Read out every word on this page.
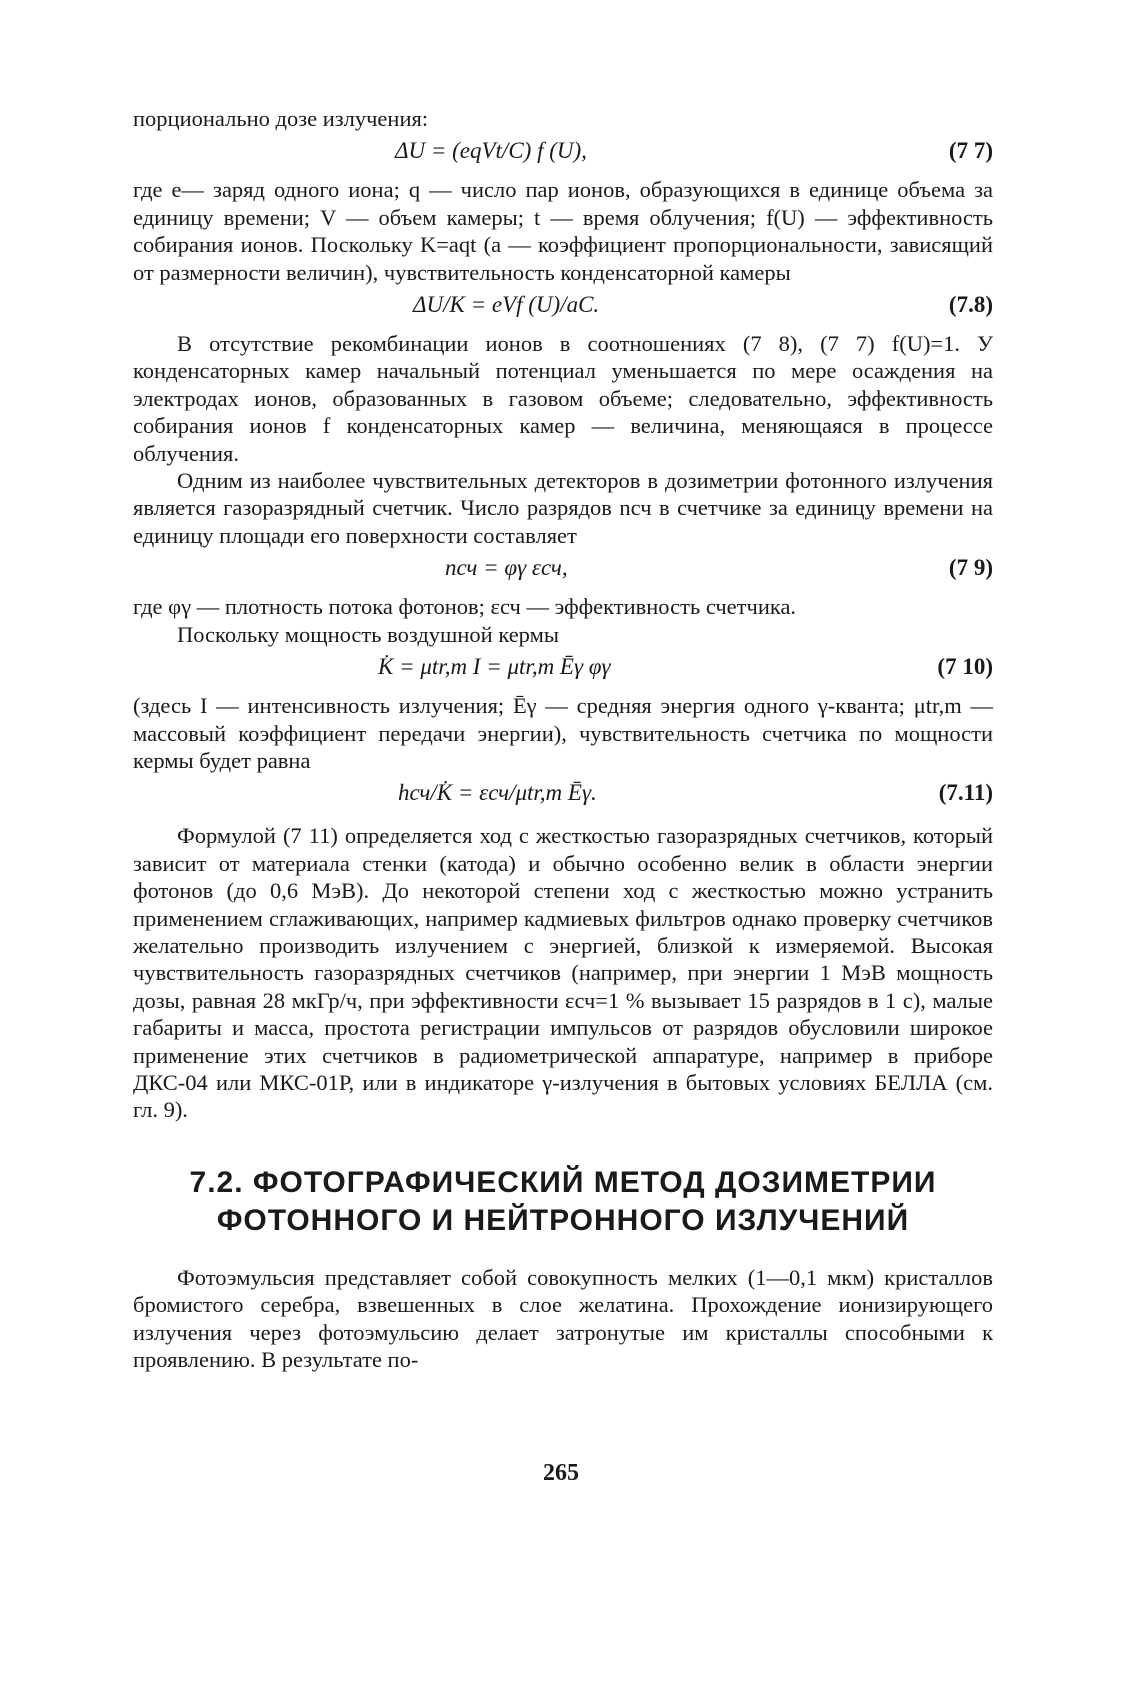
порционально дозе излучения:

ΔU = (eqVt/C) f (U),	(7 7)

где e— заряд одного иона; q — число пар ионов, образующихся в единице объема за единицу времени; V — объем камеры; t — время облучения; f(U) — эффективность собирания ионов. Поскольку K=aqt (a — коэффициент пропорциональности, зависящий от размерности величин), чувствительность конденсаторной камеры

ΔU/K = eVf (U)/aC.	(7.8)

В отсутствие рекомбинации ионов в соотношениях (7 8), (7 7) f(U)=1. У конденсаторных камер начальный потенциал уменьшается по мере осаждения на электродах ионов, образованных в газовом объеме; следовательно, эффективность собирания ионов f конденсаторных камер — величина, меняющаяся в процессе облучения.

Одним из наиболее чувствительных детекторов в дозиметрии фотонного излучения является газоразрядный счетчик. Число разрядов nсч в счетчике за единицу времени на единицу площади его поверхности составляет

nсч = φγ εсч,	(7 9)

где φγ — плотность потока фотонов; εсч — эффективность счетчика.

Поскольку мощность воздушной кермы

K̇ = μtr,m I = μtr,m Ēγ φγ	(7 10)

(здесь I — интенсивность излучения; Ēγ — средняя энергия одного γ-кванта; μtr,m — массовый коэффициент передачи энергии), чувствительность счетчика по мощности кермы будет равна

hсч/K̇ = εсч/μtr,m Ēγ.	(7.11)

Формулой (7 11) определяется ход с жесткостью газоразрядных счетчиков, который зависит от материала стенки (катода) и обычно особенно велик в области энергии фотонов (до 0,6 МэВ). До некоторой степени ход с жесткостью можно устранить применением сглаживающих, например кадмиевых фильтров однако проверку счетчиков желательно производить излучением с энергией, близкой к измеряемой. Высокая чувствительность газоразрядных счетчиков (например, при энергии 1 МэВ мощность дозы, равная 28 мкГр/ч, при эффективности εсч=1 % вызывает 15 разрядов в 1 с), малые габариты и масса, простота регистрации импульсов от разрядов обусловили широкое применение этих счетчиков в радиометрической аппаратуре, например в приборе ДКС-04 или МКС-01Р, или в индикаторе γ-излучения в бытовых условиях БЕЛЛА (см. гл. 9).

7.2. ФОТОГРАФИЧЕСКИЙ МЕТОД ДОЗИМЕТРИИ

ФОТОННОГО И НЕЙТРОННОГО ИЗЛУЧЕНИЙ

Фотоэмульсия представляет собой совокупность мелких (1—0,1 мкм) кристаллов бромистого серебра, взвешенных в слое желатина. Прохождение ионизирующего излучения через фотоэмульсию делает затронутые им кристаллы способными к проявлению. В результате по-

265
